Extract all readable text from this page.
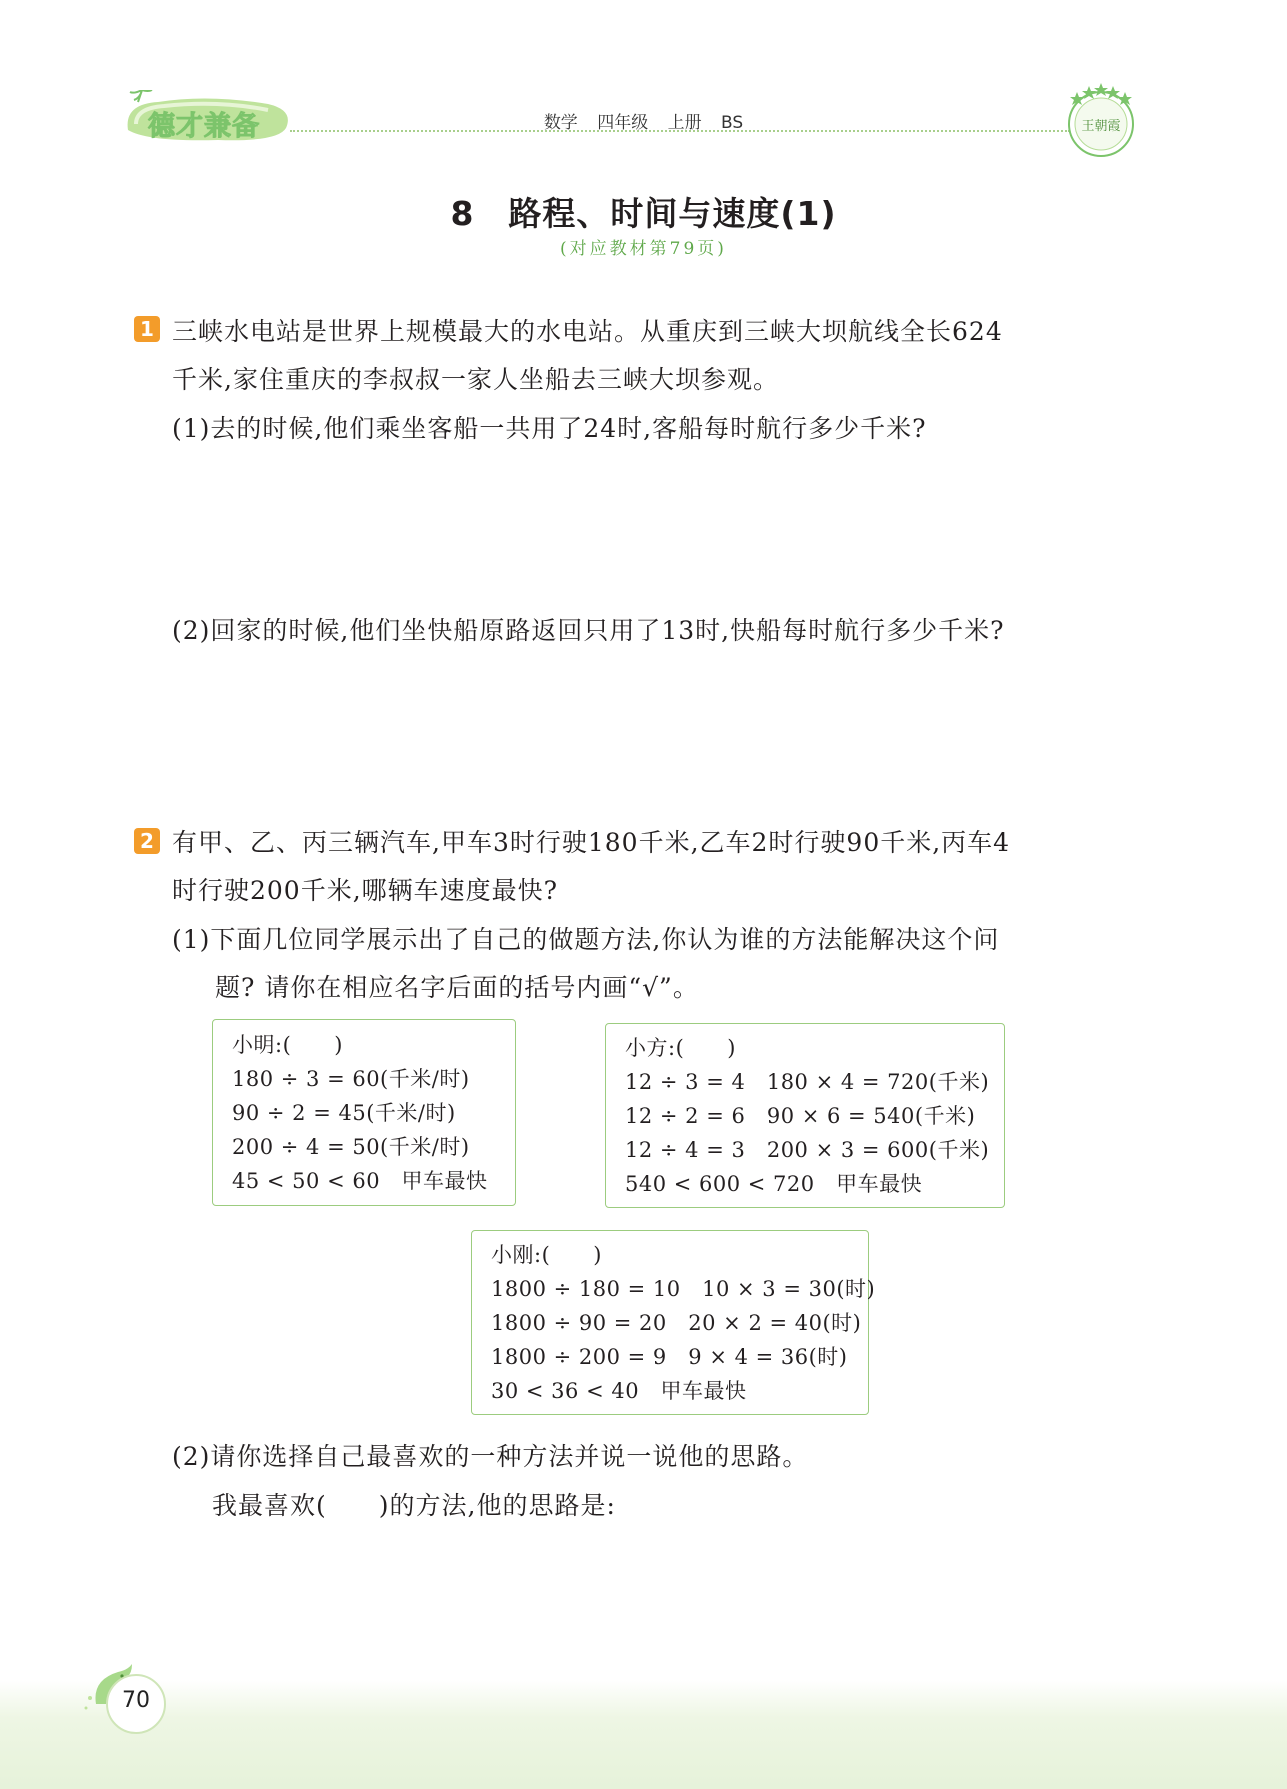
德才兼备	数学 四年级 上册 BS	王朝霞
8　路程、时间与速度(1)
(对应教材第79页)
1 三峡水电站是世界上规模最大的水电站。从重庆到三峡大坝航线全长624
千米,家住重庆的李叔叔一家人坐船去三峡大坝参观。
(1)去的时候,他们乘坐客船一共用了24时,客船每时航行多少千米?
(2)回家的时候,他们坐快船原路返回只用了13时,快船每时航行多少千米?
2 有甲、乙、丙三辆汽车,甲车3时行驶180千米,乙车2时行驶90千米,丙车4
时行驶200千米,哪辆车速度最快?
(1)下面几位同学展示出了自己的做题方法,你认为谁的方法能解决这个问
题? 请你在相应名字后面的括号内画“√”。
小明:(　　)
180 ÷ 3 = 60(千米/时)
90 ÷ 2 = 45(千米/时)
200 ÷ 4 = 50(千米/时)
45 < 50 < 60　甲车最快
小方:(　　)
12 ÷ 3 = 4　180 × 4 = 720(千米)
12 ÷ 2 = 6　90 × 6 = 540(千米)
12 ÷ 4 = 3　200 × 3 = 600(千米)
540 < 600 < 720　甲车最快
小刚:(　　)
1800 ÷ 180 = 10　10 × 3 = 30(时)
1800 ÷ 90 = 20　20 × 2 = 40(时)
1800 ÷ 200 = 9　9 × 4 = 36(时)
30 < 36 < 40　甲车最快
(2)请你选择自己最喜欢的一种方法并说一说他的思路。
我最喜欢(　　)的方法,他的思路是:
70
